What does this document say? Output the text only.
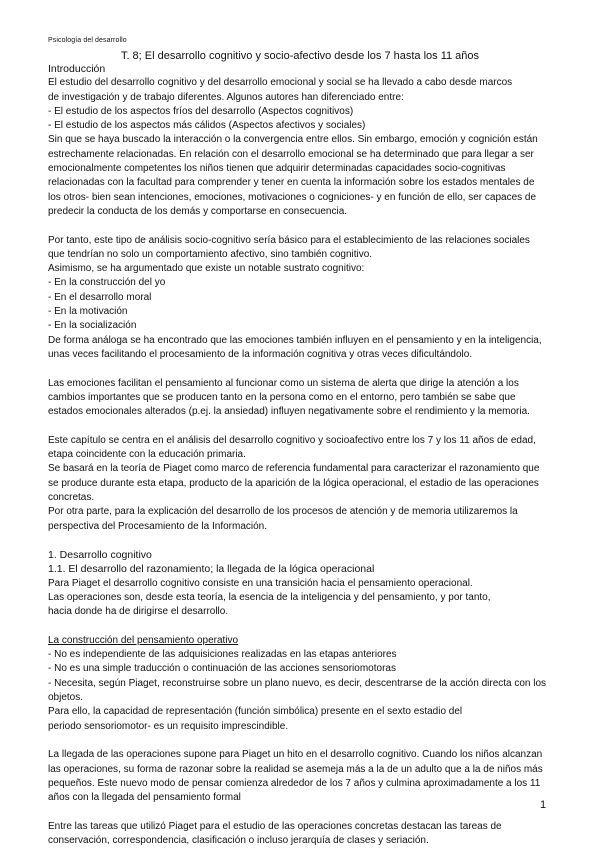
Psicología del desarrollo
T. 8; El desarrollo cognitivo y socio-afectivo desde los 7 hasta los 11 años

Introducción

El estudio del desarrollo cognitivo y del desarrollo emocional y social se ha llevado a cabo desde marcos

de investigación y de trabajo diferentes. Algunos autores han diferenciado entre:

- El estudio de los aspectos fríos del desarrollo (Aspectos cognitivos)

- El estudio de los aspectos más cálidos (Aspectos afectivos y sociales)

Sin que se haya buscado la interacción o la convergencia entre ellos. Sin embargo, emoción y cognición están

estrechamente relacionadas. En relación con el desarrollo emocional se ha determinado que para llegar a ser

emocionalmente competentes los niños tienen que adquirir determinadas capacidades socio-cognitivas

relacionadas con la facultad para comprender y tener en cuenta la información sobre los estados mentales de

los otros- bien sean intenciones, emociones, motivaciones o cogniciones- y en función de ello, ser capaces de

predecir la conducta de los demás y comportarse en consecuencia.

Por tanto, este tipo de análisis socio-cognitivo sería básico para el establecimiento de las relaciones sociales

que tendrían no solo un comportamiento afectivo, sino también cognitivo.

Asimismo, se ha argumentado que existe un notable sustrato cognitivo:

- En la construcción del yo

- En el desarrollo moral

- En la motivación

- En la socialización

De forma análoga se ha encontrado que las emociones también influyen en el pensamiento y en la inteligencia,

unas veces facilitando el procesamiento de la información cognitiva y otras veces dificultándolo.

Las emociones facilitan el pensamiento al funcionar como un sistema de alerta que dirige la atención a los

cambios importantes que se producen tanto en la persona como en el entorno, pero también se sabe que

estados emocionales alterados (p.ej. la ansiedad) influyen negativamente sobre el rendimiento y la memoria.

Este capítulo se centra en el análisis del desarrollo cognitivo y socioafectivo entre los 7 y los 11 años de edad,

etapa coincidente con la educación primaria.

Se basará en la teoría de Piaget como marco de referencia fundamental para caracterizar el razonamiento que

se produce durante esta etapa, producto de la aparición de la lógica operacional, el estadio de las operaciones

concretas.

Por otra parte, para la explicación del desarrollo de los procesos de atención y de memoria utilizaremos la

perspectiva del Procesamiento de la Información.

1. Desarrollo cognitivo

1.1. El desarrollo del razonamiento; la llegada de la lógica operacional

Para Piaget el desarrollo cognitivo consiste en una transición hacia el pensamiento operacional.

Las operaciones son, desde esta teoría, la esencia de la inteligencia y del pensamiento, y por tanto,

hacia donde ha de dirigirse el desarrollo.

La construcción del pensamiento operativo

- No es independiente de las adquisiciones realizadas en las etapas anteriores

- No es una simple traducción o continuación de las acciones sensoriomotoras

- Necesita, según Piaget, reconstruirse sobre un plano nuevo, es decir, descentrarse de la acción directa con los

objetos.

Para ello, la capacidad de representación (función simbólica) presente en el sexto estadio del

periodo sensoriomotor- es un requisito imprescindible.

La llegada de las operaciones supone para Piaget un hito en el desarrollo cognitivo. Cuando los niños alcanzan

las operaciones, su forma de razonar sobre la realidad se asemeja más a la de un adulto que a la de niños más

pequeños. Este nuevo modo de pensar comienza alrededor de los 7 años y culmina aproximadamente a los 11

años con la llegada del pensamiento formal

Entre las tareas que utilizó Piaget para el estudio de las operaciones concretas destacan las tareas de

conservación, correspondencia, clasificación o incluso jerarquía de clases y seriación.

1
